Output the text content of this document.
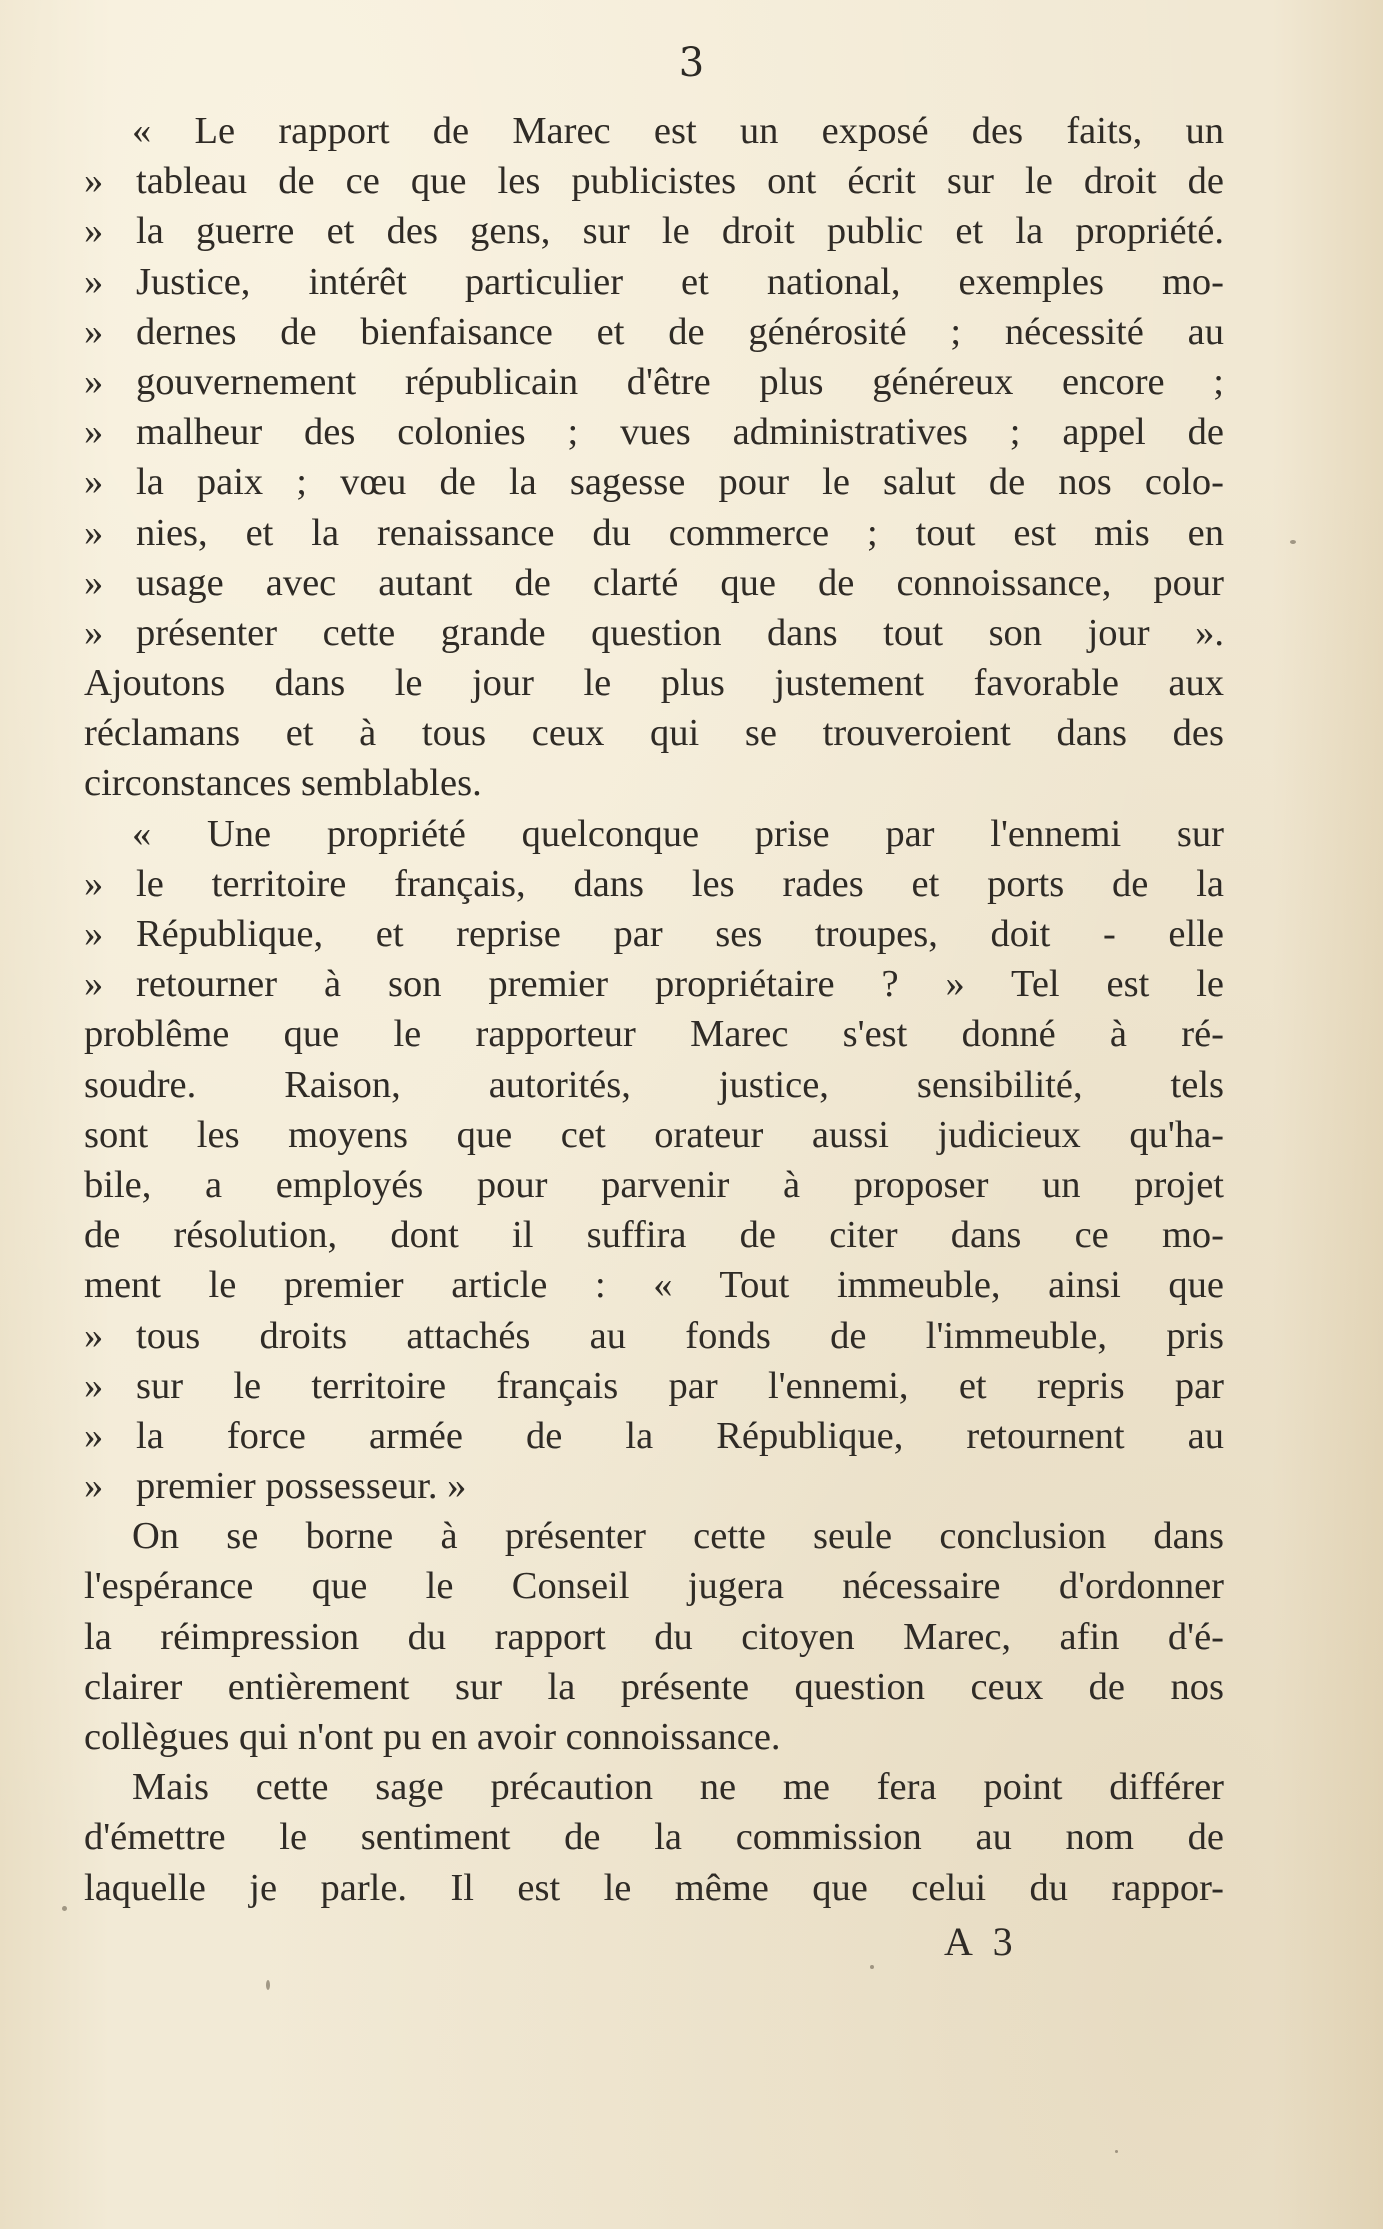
3
« Le rapport de Marec est un exposé des faits, un
» tableau de ce que les publicistes ont écrit sur le droit de
» la guerre et des gens, sur le droit public et la propriété.
» Justice, intérêt particulier et national, exemples mo-
» dernes de bienfaisance et de générosité ; nécessité au
» gouvernement républicain d'être plus généreux encore ;
» malheur des colonies ; vues administratives ; appel de
» la paix ; vœu de la sagesse pour le salut de nos colo-
» nies, et la renaissance du commerce ; tout est mis en
» usage avec autant de clarté que de connoissance, pour
» présenter cette grande question dans tout son jour ».
Ajoutons dans le jour le plus justement favorable aux
réclamans et à tous ceux qui se trouveroient dans des
circonstances semblables.
« Une propriété quelconque prise par l'ennemi sur
» le territoire français, dans les rades et ports de la
» République, et reprise par ses troupes, doit - elle
» retourner à son premier propriétaire ? » Tel est le
problême que le rapporteur Marec s'est donné à ré-
soudre. Raison, autorités, justice, sensibilité, tels
sont les moyens que cet orateur aussi judicieux qu'ha-
bile, a employés pour parvenir à proposer un projet
de résolution, dont il suffira de citer dans ce mo-
ment le premier article : « Tout immeuble, ainsi que
» tous droits attachés au fonds de l'immeuble, pris
» sur le territoire français par l'ennemi, et repris par
» la force armée de la République, retournent au
» premier possesseur. »
On se borne à présenter cette seule conclusion dans
l'espérance que le Conseil jugera nécessaire d'ordonner
la réimpression du rapport du citoyen Marec, afin d'é-
clairer entièrement sur la présente question ceux de nos
collègues qui n'ont pu en avoir connoissance.
Mais cette sage précaution ne me fera point différer
d'émettre le sentiment de la commission au nom de
laquelle je parle. Il est le même que celui du rappor-
A 3
